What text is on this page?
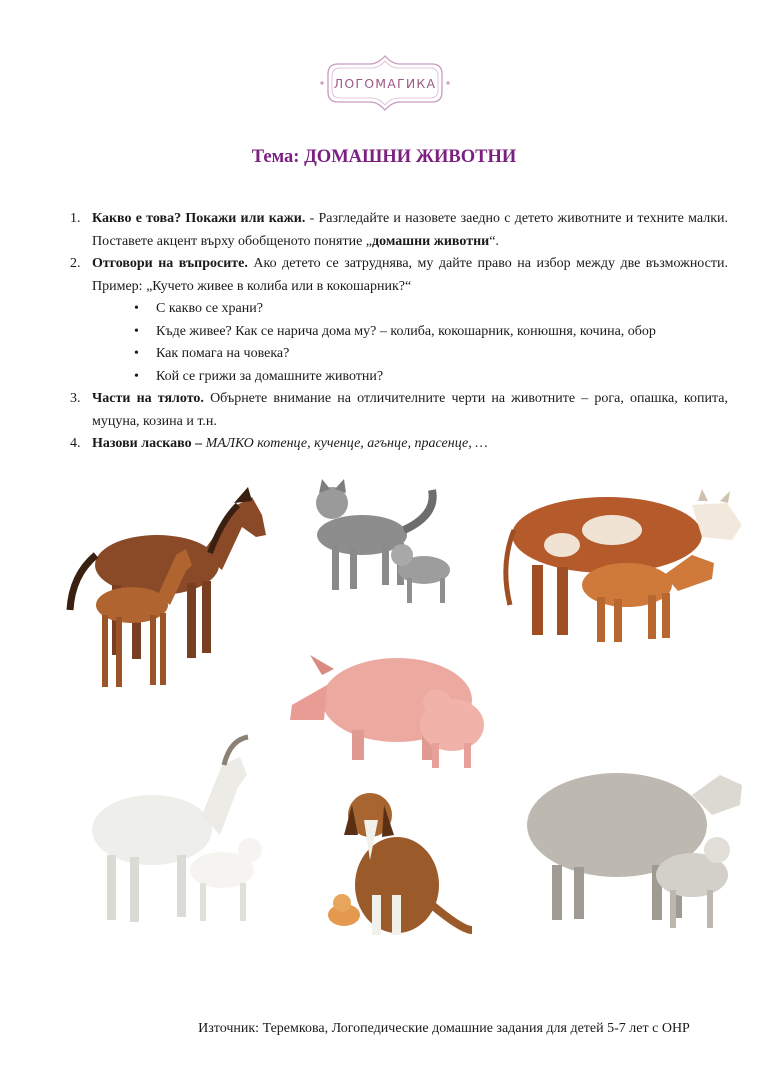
ЛОГОМАГИКА
Тема: ДОМАШНИ ЖИВОТНИ
1. Какво е това? Покажи или кажи. - Разгледайте и назовете заедно с детето животните и техните малки. Поставете акцент върху обобщеното понятие „домашни животни“.
2. Отговори на въпросите. Ако детето се затруднява, му дайте право на избор между две възможности. Пример: „Кучето живее в колиба или в кокошарник?“
• С какво се храни?
• Къде живее? Как се нарича дома му? – колиба, кокошарник, конюшня, кочина, обор
• Как помага на човека?
• Кой се грижи за домашните животни?
3. Части на тялото. Обърнете внимание на отличителните черти на животните – рога, опашка, копита, муцуна, козина и т.н.
4. Назови ласкаво – МАЛКО котенце, кученце, агънце, прасенце, …
Източник: Теремкова, Логопедические домашние задания для детей 5-7 лет с ОНР
